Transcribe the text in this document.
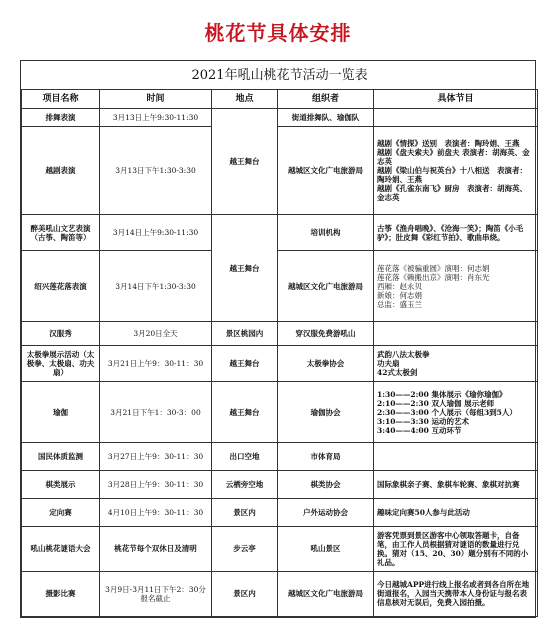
桃花节具体安排
2021年吼山桃花节活动一览表				
项目名称	时间	地点	组织者	具体节目
排舞表演	3月13日上午9:30-11:30	越王舞台	街道排舞队、瑜伽队	
越剧表演	3月13日下午1:30-3:30		越城区文化广电旅游局	越剧《情探》送别　表演者：陶玲娟、王燕
越剧《盘夫索夫》前盘夫 表演者：胡海英、金志英
越剧《梁山伯与祝英台》十八相送　表演者：陶玲娟、王燕
越剧《孔雀东南飞》厨房　表演者：胡海英、金志英

醉美吼山文艺表演（古筝、陶笛等）	3月14日上午9:30-11:30	越王舞台	培训机构	古筝《渔舟唱晚》、《沧海一笑》；陶笛《小毛驴》；肚皮舞《彩红节拍》、歌曲串烧。
绍兴莲花落表演	3月14日下午1:30-3:30		越城区文化广电旅游局	莲花落《被骗重圆》演唱：何志娟
莲花落《赖搬出京》演唱：肖东光
西厢：赵永贝
新娘：何志娟
总监：盛玉兰

汉服秀	3月20日全天	景区桃园内	穿汉服免费游吼山	
太极拳展示活动（太极拳、太极扇、功夫扇）	3月21日上午9：30-11：30	越王舞台	太极拳协会	武韵八法太极拳
功夫扇
42式太极剑

瑜伽	3月21日下午1：30-3：00	越王舞台	瑜伽协会	1:30——2:00 集体展示《瑜你瑜伽》
2:10——2:30 双人瑜伽 展示老师
2:30——3:00 个人展示（每组3到5人）
3:10——3:30 运动的艺术
3:40——4:00 互动环节

国民体质监测	3月27日上午9：30-11：30	出口空地	市体育局	
棋类展示	3月28日上午9：30-11：30	云栖旁空地	棋类协会	国际象棋亲子赛、象棋车轮赛、象棋对抗赛
定向赛	4月10日上午9：30-11：30	景区内	户外运动协会	趣味定向赛50人参与此活动
吼山桃花谜语大会	桃花节每个双休日及清明	步云亭	吼山景区	游客凭票到景区游客中心领取答题卡，自备笔，由工作人员根据猜对谜语的数量进行兑换。猜对（15、20、30）题分别有不同的小礼品。
摄影比赛	3月9日-3月11日下午2：30分报名截止	景区内	越城区文化广电旅游局	今日越城APP进行线上报名或者到各自所在地街道报名，入园当天携带本人身份证与报名表信息核对无误后，免费入园拍摄。
